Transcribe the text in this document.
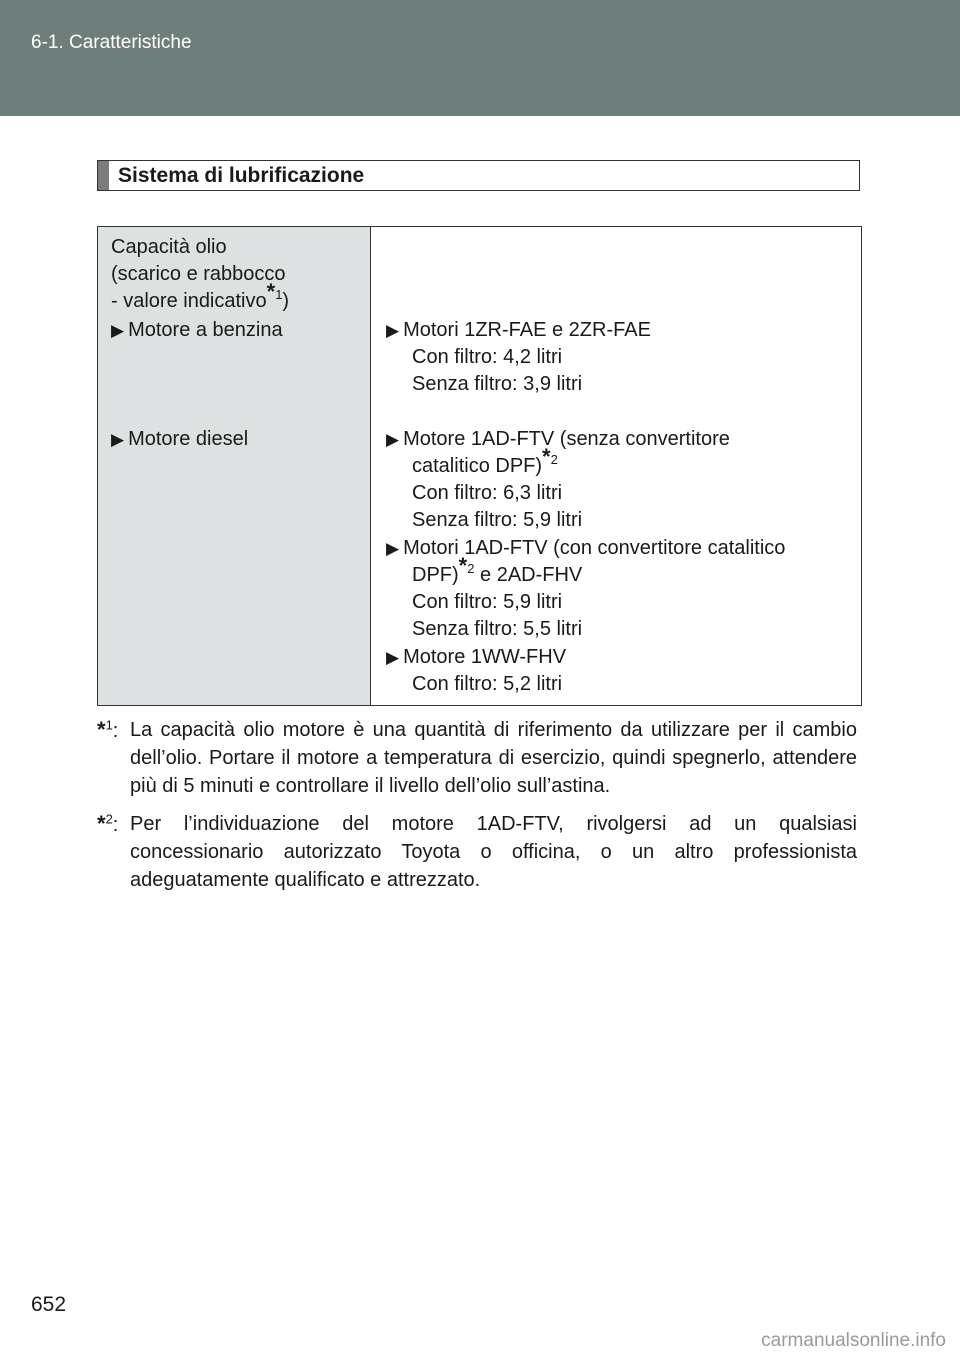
6-1. Caratteristiche
Sistema di lubrificazione
Capacità olio
(scarico e rabbocco
- valore indicativo$^{*1}$)
▶ Motore a benzina	▶ Motori 1ZR-FAE e 2ZR-FAE
Con filtro: 4,2 litri
Senza filtro: 3,9 litri
▶ Motore diesel	▶ Motore 1AD-FTV (senza convertitore
catalitico DPF)$^{*2}$
Con filtro: 6,3 litri
Senza filtro: 5,9 litri
▶ Motori 1AD-FTV (con convertitore catalitico
DPF)$^{*2}$ e 2AD-FHV
Con filtro: 5,9 litri
Senza filtro: 5,5 litri
▶ Motore 1WW-FHV
Con filtro: 5,2 litri
*$^1$: La capacità olio motore è una quantità di riferimento da utilizzare per il cambio dell’olio. Portare il motore a temperatura di esercizio, quindi spegnerlo, attendere più di 5 minuti e controllare il livello dell’olio sull’astina.
*$^2$: Per l’individuazione del motore 1AD-FTV, rivolgersi ad un qualsiasi concessionario autorizzato Toyota o officina, o un altro professionista adeguatamente qualificato e attrezzato.
652
carmanualsonline.info
